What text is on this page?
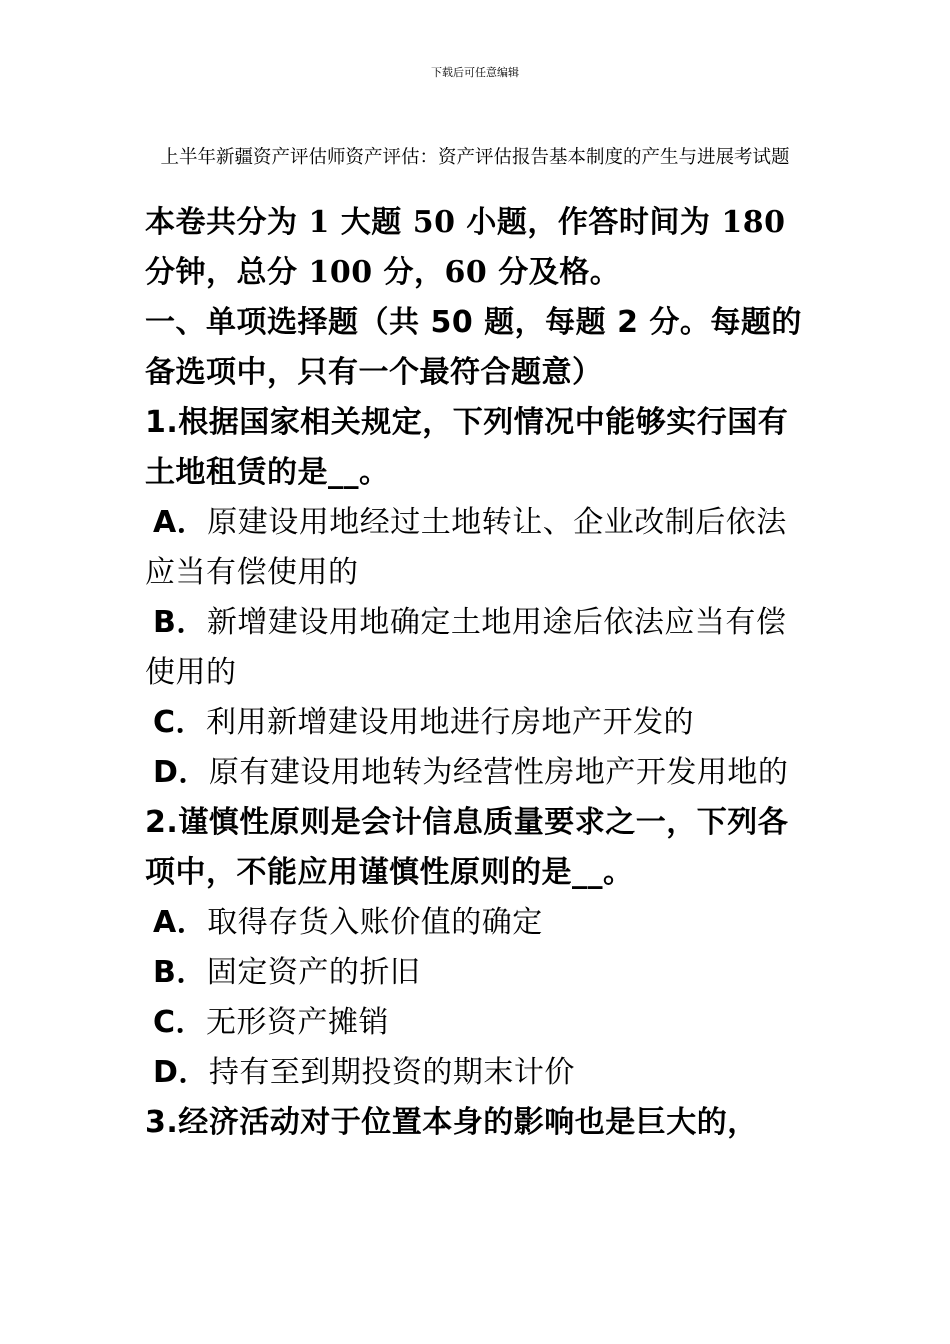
下载后可任意编辑
上半年新疆资产评估师资产评估：资产评估报告基本制度的产生与进展考试题

本卷共分为 1 大题 50 小题，作答时间为 180 分钟，总分 100 分，60 分及格。

一、单项选择题（共 50 题，每题 2 分。每题的备选项中，只有一个最符合题意）

1.根据国家相关规定，下列情况中能够实行国有土地租赁的是__。

A．原建设用地经过土地转让、企业改制后依法应当有偿使用的

B．新增建设用地确定土地用途后依法应当有偿使用的

C．利用新增建设用地进行房地产开发的

D．原有建设用地转为经营性房地产开发用地的

2.谨慎性原则是会计信息质量要求之一，下列各项中，不能应用谨慎性原则的是__。

A．取得存货入账价值的确定

B．固定资产的折旧

C．无形资产摊销

D．持有至到期投资的期末计价

3.经济活动对于位置本身的影响也是巨大的，
